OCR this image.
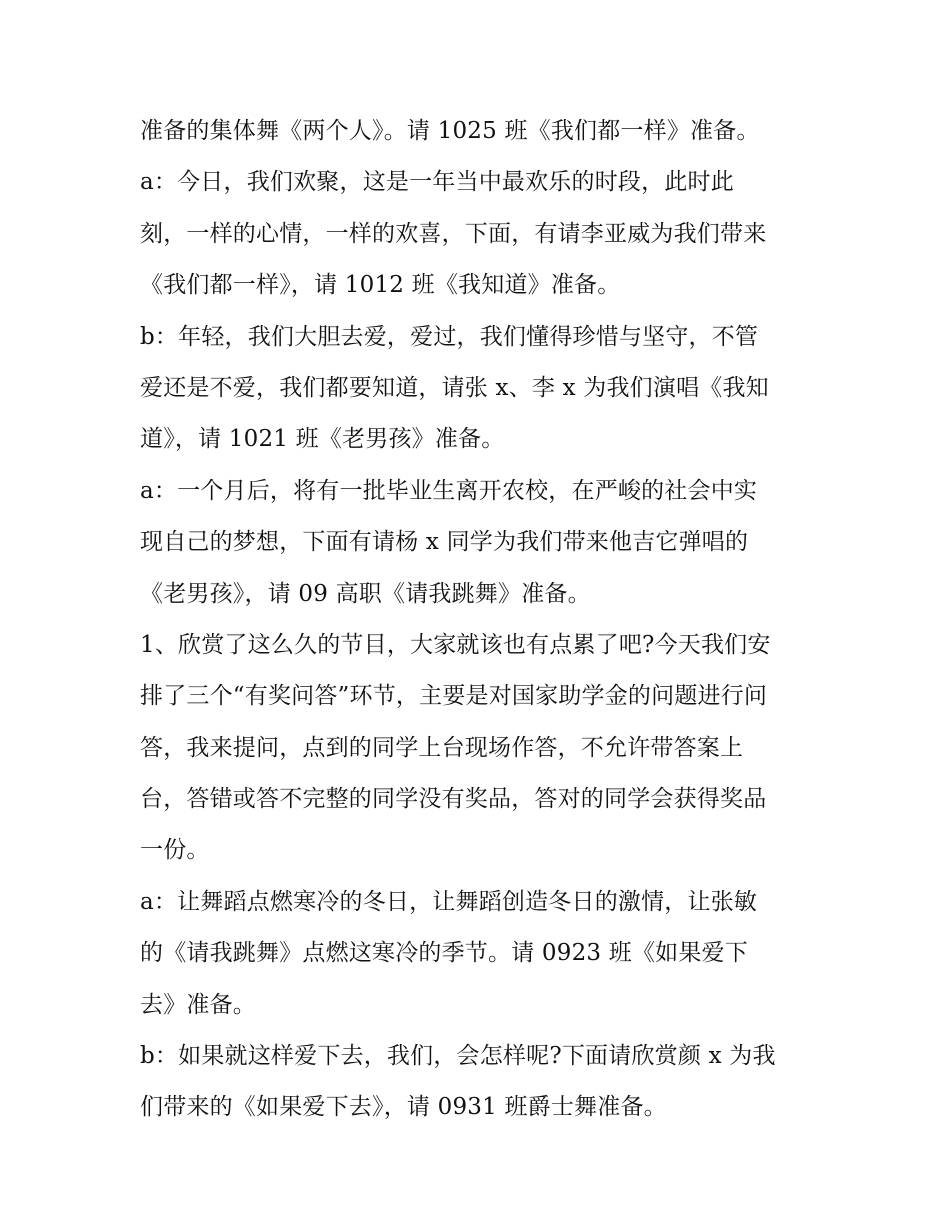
准备的集体舞《两个人》。请 1025 班《我们都一样》准备。
a：今日，我们欢聚，这是一年当中最欢乐的时段，此时此
刻，一样的心情，一样的欢喜，下面，有请李亚威为我们带来
《我们都一样》，请 1012 班《我知道》准备。
b：年轻，我们大胆去爱，爱过，我们懂得珍惜与坚守，不管
爱还是不爱，我们都要知道，请张 x、李 x 为我们演唱《我知
道》，请 1021 班《老男孩》准备。
a：一个月后，将有一批毕业生离开农校，在严峻的社会中实
现自己的梦想，下面有请杨 x 同学为我们带来他吉它弹唱的
《老男孩》，请 09 高职《请我跳舞》准备。
1、欣赏了这么久的节目，大家就该也有点累了吧?今天我们安
排了三个“有奖问答”环节，主要是对国家助学金的问题进行问
答，我来提问，点到的同学上台现场作答，不允许带答案上
台，答错或答不完整的同学没有奖品，答对的同学会获得奖品
一份。
a：让舞蹈点燃寒冷的冬日，让舞蹈创造冬日的激情，让张敏
的《请我跳舞》点燃这寒冷的季节。请 0923 班《如果爱下
去》准备。
b：如果就这样爱下去，我们，会怎样呢?下面请欣赏颜 x 为我
们带来的《如果爱下去》，请 0931 班爵士舞准备。
